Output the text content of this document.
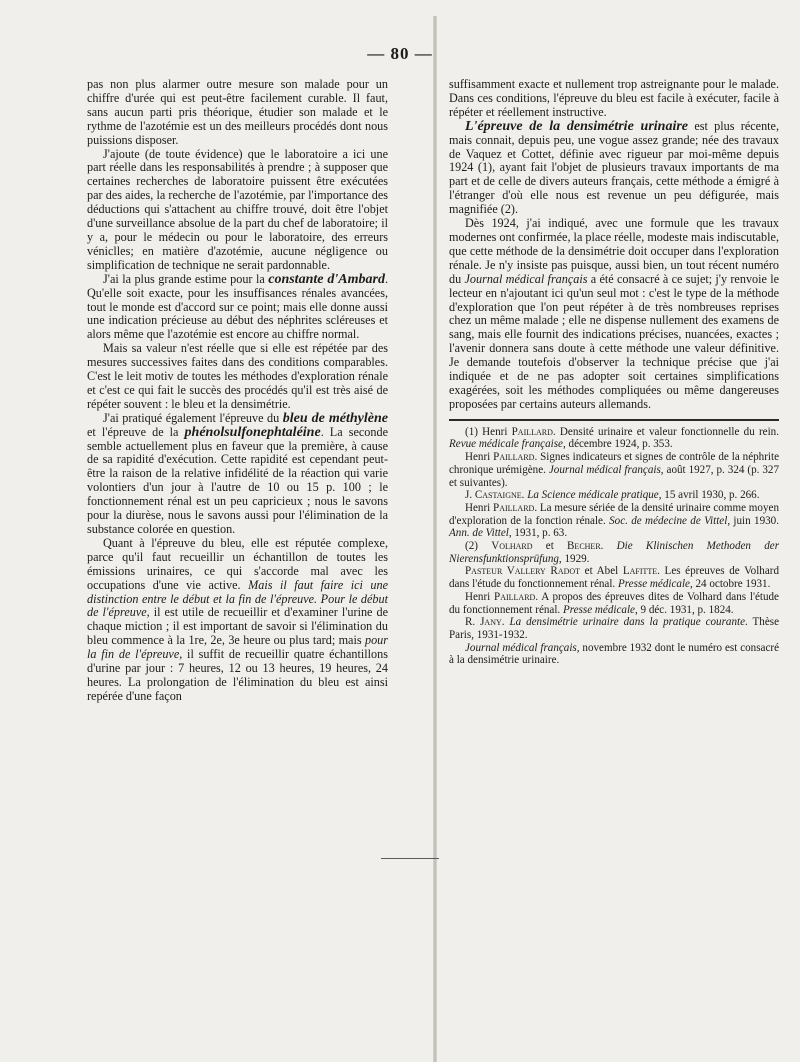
— 80 —

pas non plus alarmer outre mesure son malade pour un chiffre d'urée qui est peut-être facilement curable. Il faut, sans aucun parti pris théorique, étudier son malade et le rythme de l'azotémie est un des meilleurs procédés dont nous puissions disposer.

J'ajoute (de toute évidence) que le laboratoire a ici une part réelle dans les responsabilités à prendre ; à supposer que certaines recherches de laboratoire puissent être exécutées par des aides, la recherche de l'azotémie, par l'importance des déductions qui s'attachent au chiffre trouvé, doit être l'objet d'une surveillance absolue de la part du chef de laboratoire; il y a, pour le médecin ou pour le laboratoire, des erreurs véniclles; en matière d'azotémie, aucune négligence ou simplification de technique ne serait pardonnable.

J'ai la plus grande estime pour la constante d'Ambard. Qu'elle soit exacte, pour les insuffisances rénales avancées, tout le monde est d'accord sur ce point; mais elle donne aussi une indication précieuse au début des néphrites scléreuses et alors même que l'azotémie est encore au chiffre normal.

Mais sa valeur n'est réelle que si elle est répétée par des mesures successives faites dans des conditions comparables. C'est le leit motiv de toutes les méthodes d'exploration rénale et c'est ce qui fait le succès des procédés qu'il est très aisé de répéter souvent : le bleu et la densimétrie.

J'ai pratiqué également l'épreuve du bleu de méthylène et l'épreuve de la phénolsulfonephtaléine. La seconde semble actuellement plus en faveur que la première, à cause de sa rapidité d'exécution. Cette rapidité est cependant peut-être la raison de la relative infidélité de la réaction qui varie volontiers d'un jour à l'autre de 10 ou 15 p. 100 ; le fonctionnement rénal est un peu capricieux ; nous le savons pour la diurèse, nous le savons aussi pour l'élimination de la substance colorée en question.

Quant à l'épreuve du bleu, elle est réputée complexe, parce qu'il faut recueillir un échantillon de toutes les émissions urinaires, ce qui s'accorde mal avec les occupations d'une vie active. Mais il faut faire ici une distinction entre le début et la fin de l'épreuve. Pour le début de l'épreuve, il est utile de recueillir et d'examiner l'urine de chaque miction ; il est important de savoir si l'élimination du bleu commence à la 1re, 2e, 3e heure ou plus tard; mais pour la fin de l'épreuve, il suffit de recueillir quatre échantillons d'urine par jour : 7 heures, 12 ou 13 heures, 19 heures, 24 heures. La prolongation de l'élimination du bleu est ainsi repérée d'une façon

suffisamment exacte et nullement trop astreignante pour le malade. Dans ces conditions, l'épreuve du bleu est facile à exécuter, facile à répéter et réellement instructive.

L'épreuve de la densimétrie urinaire est plus récente, mais connait, depuis peu, une vogue assez grande; née des travaux de Vaquez et Cottet, définie avec rigueur par moi-même depuis 1924 (1), ayant fait l'objet de plusieurs travaux importants de ma part et de celle de divers auteurs français, cette méthode a émigré à l'étranger d'où elle nous est revenue un peu défigurée, mais magnifiée (2).

Dès 1924, j'ai indiqué, avec une formule que les travaux modernes ont confirmée, la place réelle, modeste mais indiscutable, que cette méthode de la densimétrie doit occuper dans l'exploration rénale. Je n'y insiste pas puisque, aussi bien, un tout récent numéro du Journal médical français a été consacré à ce sujet; j'y renvoie le lecteur en n'ajoutant ici qu'un seul mot : c'est le type de la méthode d'exploration que l'on peut répéter à de très nombreuses reprises chez un même malade ; elle ne dispense nullement des examens de sang, mais elle fournit des indications précises, nuancées, exactes ; l'avenir donnera sans doute à cette méthode une valeur définitive. Je demande toutefois d'observer la technique précise que j'ai indiquée et de ne pas adopter soit certaines simplifications exagérées, soit les méthodes compliquées ou même dangereuses proposées par certains auteurs allemands.

(1) Henri Paillard. Densité urinaire et valeur fonctionnelle du rein. Revue médicale française, décembre 1924, p. 353.

Henri Paillard. Signes indicateurs et signes de contrôle de la néphrite chronique urémigène. Journal médical français, août 1927, p. 324 (p. 327 et suivantes).

J. Castaigne. La Science médicale pratique, 15 avril 1930, p. 266.

Henri Paillard. La mesure sériée de la densité urinaire comme moyen d'exploration de la fonction rénale. Soc. de médecine de Vittel, juin 1930. Ann. de Vittel, 1931, p. 63.

(2) Volhard et Becher. Die Klinischen Methoden der Nierensfunktionsprüfung, 1929.

Pasteur Vallery Radot et Abel Lafitte. Les épreuves de Volhard dans l'étude du fonctionnement rénal. Presse médicale, 24 octobre 1931.

Henri Paillard. A propos des épreuves dites de Volhard dans l'étude du fonctionnement rénal. Presse médicale, 9 déc. 1931, p. 1824.

R. Jany. La densimétrie urinaire dans la pratique courante. Thèse Paris, 1931-1932.

Journal médical français, novembre 1932 dont le numéro est consacré à la densimétrie urinaire.
